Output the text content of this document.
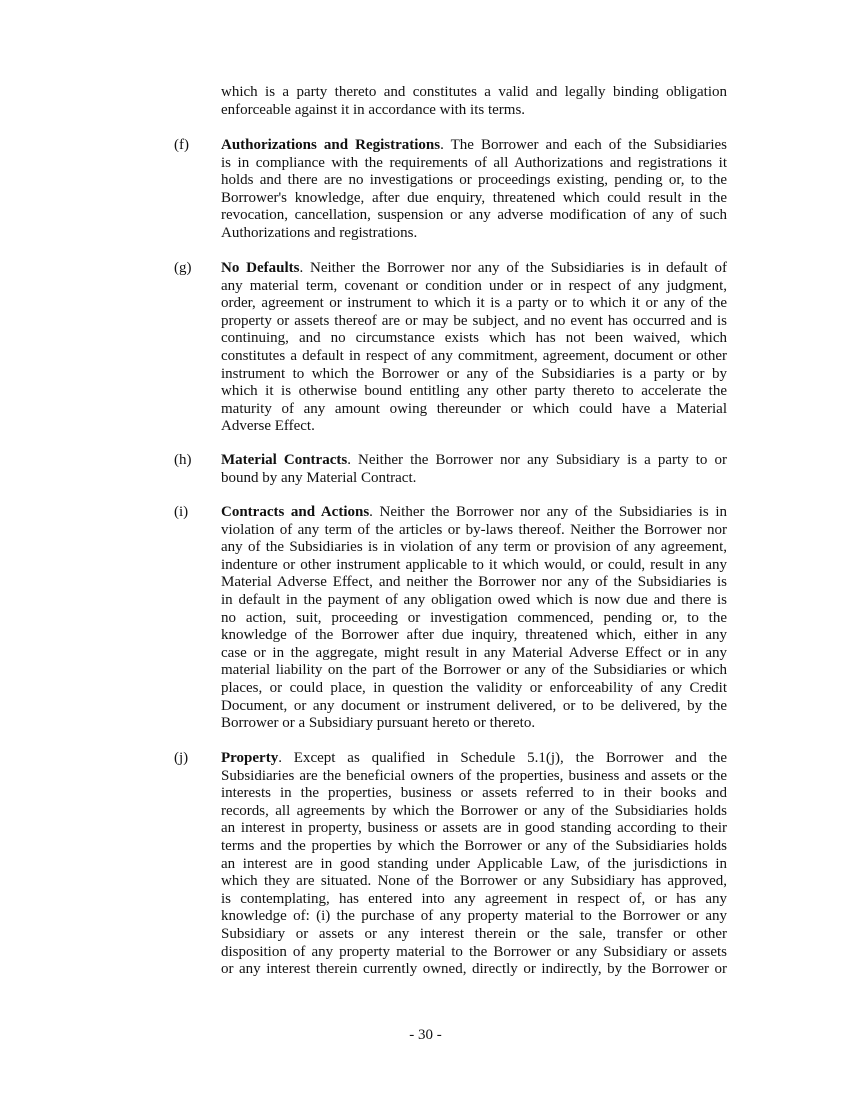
which is a party thereto and constitutes a valid and legally binding obligation
enforceable against it in accordance with its terms.
(f) Authorizations and Registrations. The Borrower and each of the Subsidiaries
is in compliance with the requirements of all Authorizations and registrations it
holds and there are no investigations or proceedings existing, pending or, to the
Borrower's knowledge, after due enquiry, threatened which could result in the
revocation, cancellation, suspension or any adverse modification of any of such
Authorizations and registrations.
(g) No Defaults. Neither the Borrower nor any of the Subsidiaries is in default of
any material term, covenant or condition under or in respect of any judgment,
order, agreement or instrument to which it is a party or to which it or any of the
property or assets thereof are or may be subject, and no event has occurred and is
continuing, and no circumstance exists which has not been waived, which
constitutes a default in respect of any commitment, agreement, document or other
instrument to which the Borrower or any of the Subsidiaries is a party or by
which it is otherwise bound entitling any other party thereto to accelerate the
maturity of any amount owing thereunder or which could have a Material
Adverse Effect.
(h) Material Contracts. Neither the Borrower nor any Subsidiary is a party to or
bound by any Material Contract.
(i) Contracts and Actions. Neither the Borrower nor any of the Subsidiaries is in
violation of any term of the articles or by-laws thereof. Neither the Borrower nor
any of the Subsidiaries is in violation of any term or provision of any agreement,
indenture or other instrument applicable to it which would, or could, result in any
Material Adverse Effect, and neither the Borrower nor any of the Subsidiaries is
in default in the payment of any obligation owed which is now due and there is
no action, suit, proceeding or investigation commenced, pending or, to the
knowledge of the Borrower after due inquiry, threatened which, either in any
case or in the aggregate, might result in any Material Adverse Effect or in any
material liability on the part of the Borrower or any of the Subsidiaries or which
places, or could place, in question the validity or enforceability of any Credit
Document, or any document or instrument delivered, or to be delivered, by the
Borrower or a Subsidiary pursuant hereto or thereto.
(j) Property. Except as qualified in Schedule 5.1(j), the Borrower and the
Subsidiaries are the beneficial owners of the properties, business and assets or the
interests in the properties, business or assets referred to in their books and
records, all agreements by which the Borrower or any of the Subsidiaries holds
an interest in property, business or assets are in good standing according to their
terms and the properties by which the Borrower or any of the Subsidiaries holds
an interest are in good standing under Applicable Law, of the jurisdictions in
which they are situated. None of the Borrower or any Subsidiary has approved,
is contemplating, has entered into any agreement in respect of, or has any
knowledge of: (i) the purchase of any property material to the Borrower or any
Subsidiary or assets or any interest therein or the sale, transfer or other
disposition of any property material to the Borrower or any Subsidiary or assets
or any interest therein currently owned, directly or indirectly, by the Borrower or
- 30 -
